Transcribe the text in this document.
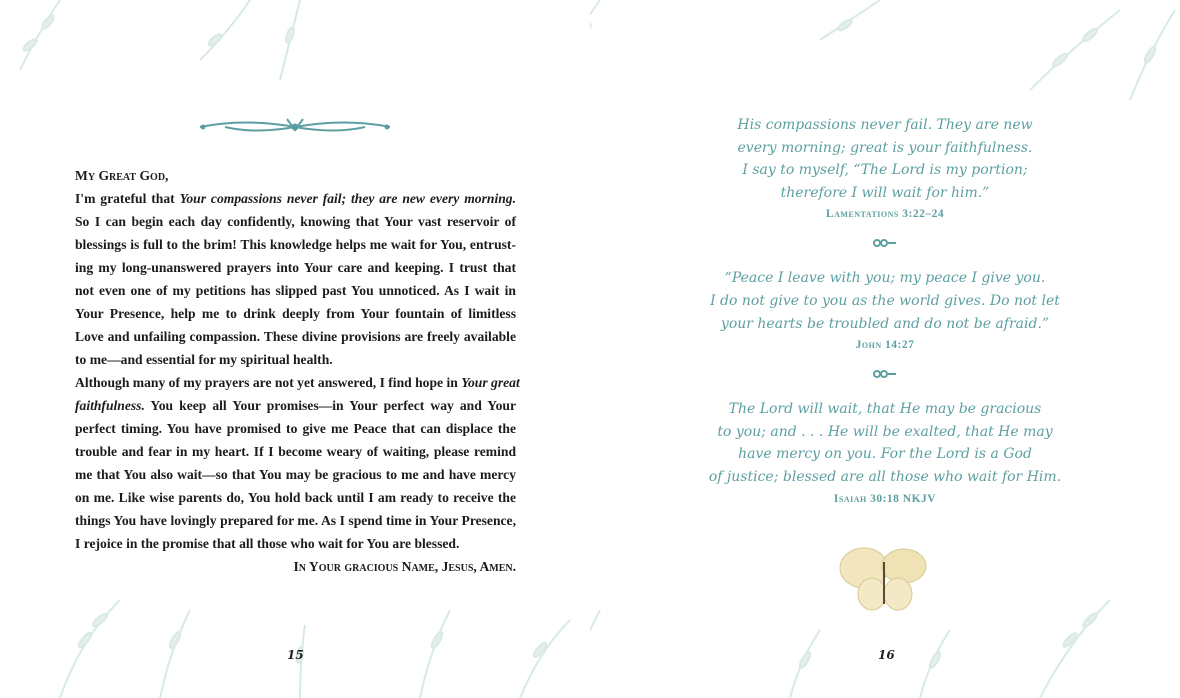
My Great God,
I'm grateful that Your compassions never fail; they are new every morning.
So I can begin each day confidently, knowing that Your vast reservoir of
blessings is full to the brim! This knowledge helps me wait for You, entrust-
ing my long-unanswered prayers into Your care and keeping. I trust that
not even one of my petitions has slipped past You unnoticed. As I wait in
Your Presence, help me to drink deeply from Your fountain of limitless
Love and unfailing compassion. These divine provisions are freely available
to me—and essential for my spiritual health.
Although many of my prayers are not yet answered, I find hope in Your great
faithfulness. You keep all Your promises—in Your perfect way and Your
perfect timing. You have promised to give me Peace that can displace the
trouble and fear in my heart. If I become weary of waiting, please remind
me that You also wait—so that You may be gracious to me and have mercy
on me. Like wise parents do, You hold back until I am ready to receive the
things You have lovingly prepared for me. As I spend time in Your Presence,
I rejoice in the promise that all those who wait for You are blessed.
In Your gracious Name, Jesus, Amen.
15
His compassions never fail. They are new
every morning; great is your faithfulness.
I say to myself, “The Lord is my portion;
therefore I will wait for him.”
Lamentations 3:22–24
“Peace I leave with you; my peace I give you.
I do not give to you as the world gives. Do not let
your hearts be troubled and do not be afraid.”
John 14:27
The Lord will wait, that He may be gracious
to you; and . . . He will be exalted, that He may
have mercy on you. For the Lord is a God
of justice; blessed are all those who wait for Him.
Isaiah 30:18 NKJV
16
